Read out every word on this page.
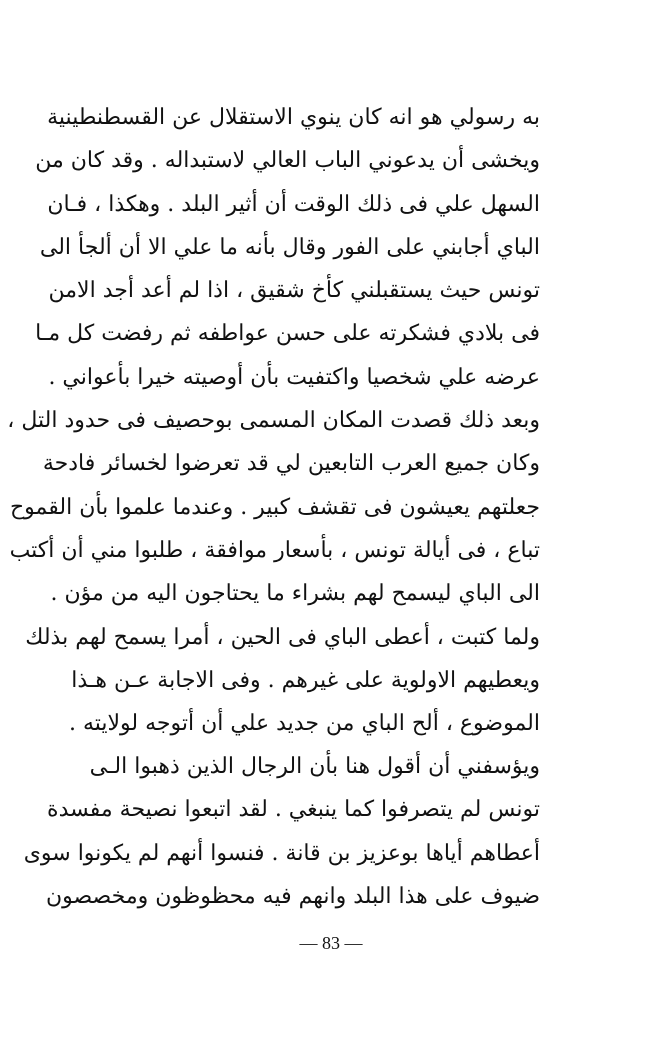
به رسولي هو انه كان ينوي الاستقلال عن القسطنطينية
ويخشى أن يدعوني الباب العالي لاستبداله . وقد كان من
السهل علي فى ذلك الوقت أن أثير البلد . وهكذا ، فـان
الباي أجابني على الفور وقال بأنه ما علي الا أن ألجأ الى
تونس حيث يستقبلني كأخ شقيق ، اذا لم أعد أجد الامن
فى بلادي فشكرته على حسن عواطفه ثم رفضت كل مـا
عرضه علي شخصيا واكتفيت بأن أوصيته خيرا بأعواني .
وبعد ذلك قصدت المكان المسمى بوحصيف فى حدود التل ،
وكان جميع العرب التابعين لي قد تعرضوا لخسائر فادحة
جعلتهم يعيشون فى تقشف كبير . وعندما علموا بأن القموح
تباع ، فى أيالة تونس ، بأسعار موافقة ، طلبوا مني أن أكتب
الى الباي ليسمح لهم بشراء ما يحتاجون اليه من مؤن .
ولما كتبت ، أعطى الباي فى الحين ، أمرا يسمح لهم بذلك
ويعطيهم الاولوية على غيرهم . وفى الاجابة عـن هـذا
الموضوع ، ألح الباي من جديد علي أن أتوجه لولايته .
ويؤسفني أن أقول هنا بأن الرجال الذين ذهبوا الـى
تونس لم يتصرفوا كما ينبغي . لقد اتبعوا نصيحة مفسدة
أعطاهم أياها بوعزيز بن قانة . فنسوا أنهم لم يكونوا سوى
ضيوف على هذا البلد وانهم فيه محظوظون ومخصصون
— 83 —
